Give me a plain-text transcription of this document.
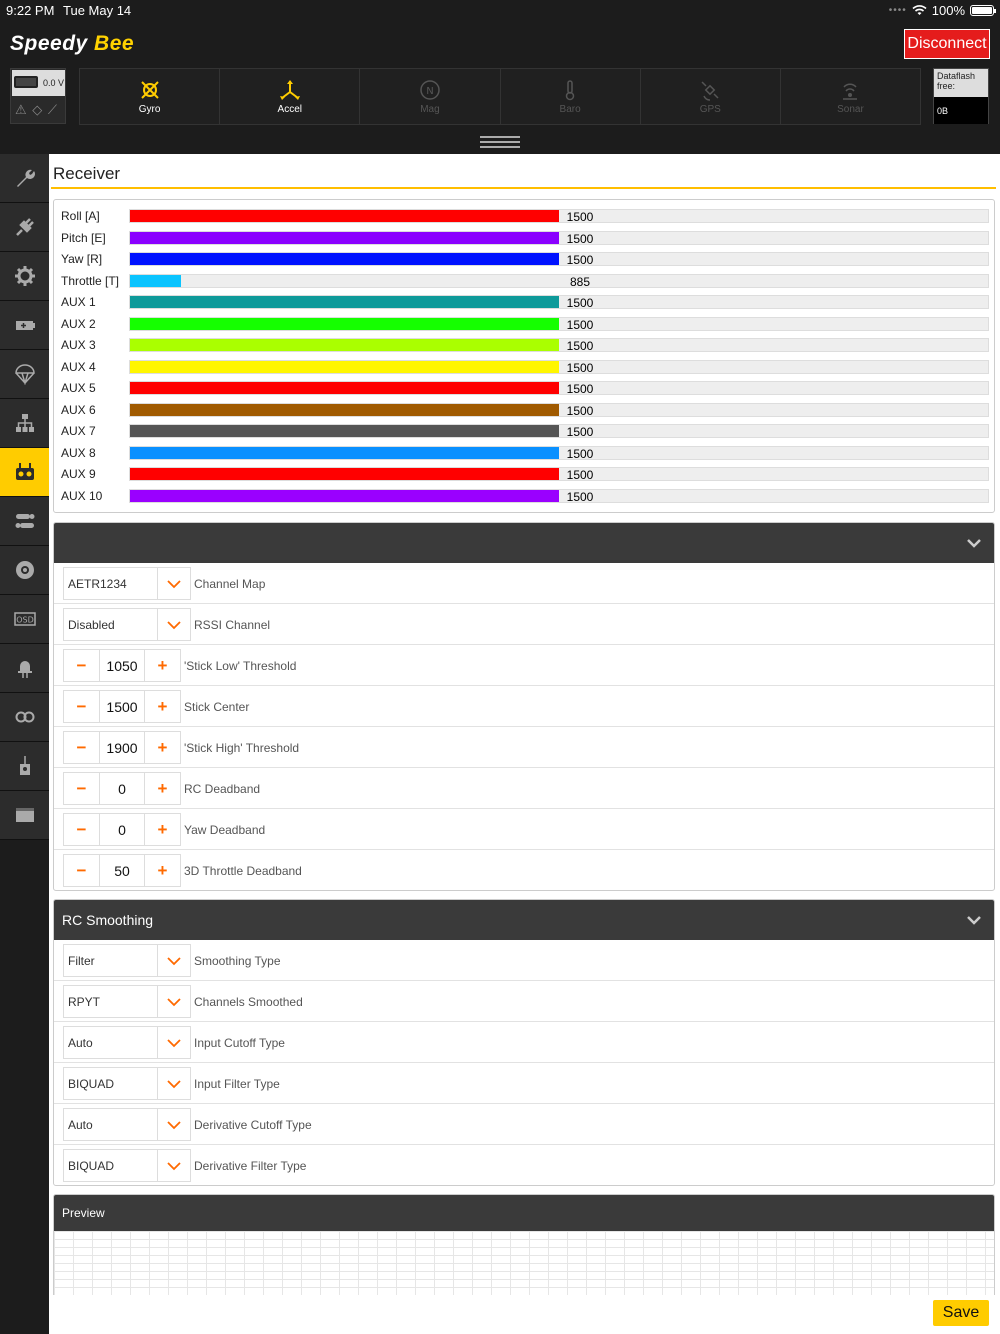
9:22 PM Tue May 14	•••• 100%
Speedy Bee	Disconnect
0.0 V
⚠︎ ◇ ⟋	Gyro	Accel
N
Mag	Baro	GPS	Sonar
Dataflash free:
0B
OSD
Receiver
Roll [A]	1500
Pitch [E]	1500
Yaw [R]	1500
Throttle [T]	885
AUX 1	1500
AUX 2	1500
AUX 3	1500
AUX 4	1500
AUX 5	1500
AUX 6	1500
AUX 7	1500
AUX 8	1500
AUX 9	1500
AUX 10	1500
AETR1234	Channel Map
Disabled	RSSI Channel
−	1050	+	'Stick Low' Threshold
−	1500	+	Stick Center
−	1900	+	'Stick High' Threshold
−	0	+	RC Deadband
−	0	+	Yaw Deadband
−	50	+	3D Throttle Deadband
RC Smoothing
Filter	Smoothing Type
RPYT	Channels Smoothed
Auto	Input Cutoff Type
BIQUAD	Input Filter Type
Auto	Derivative Cutoff Type
BIQUAD	Derivative Filter Type
Preview
Save
